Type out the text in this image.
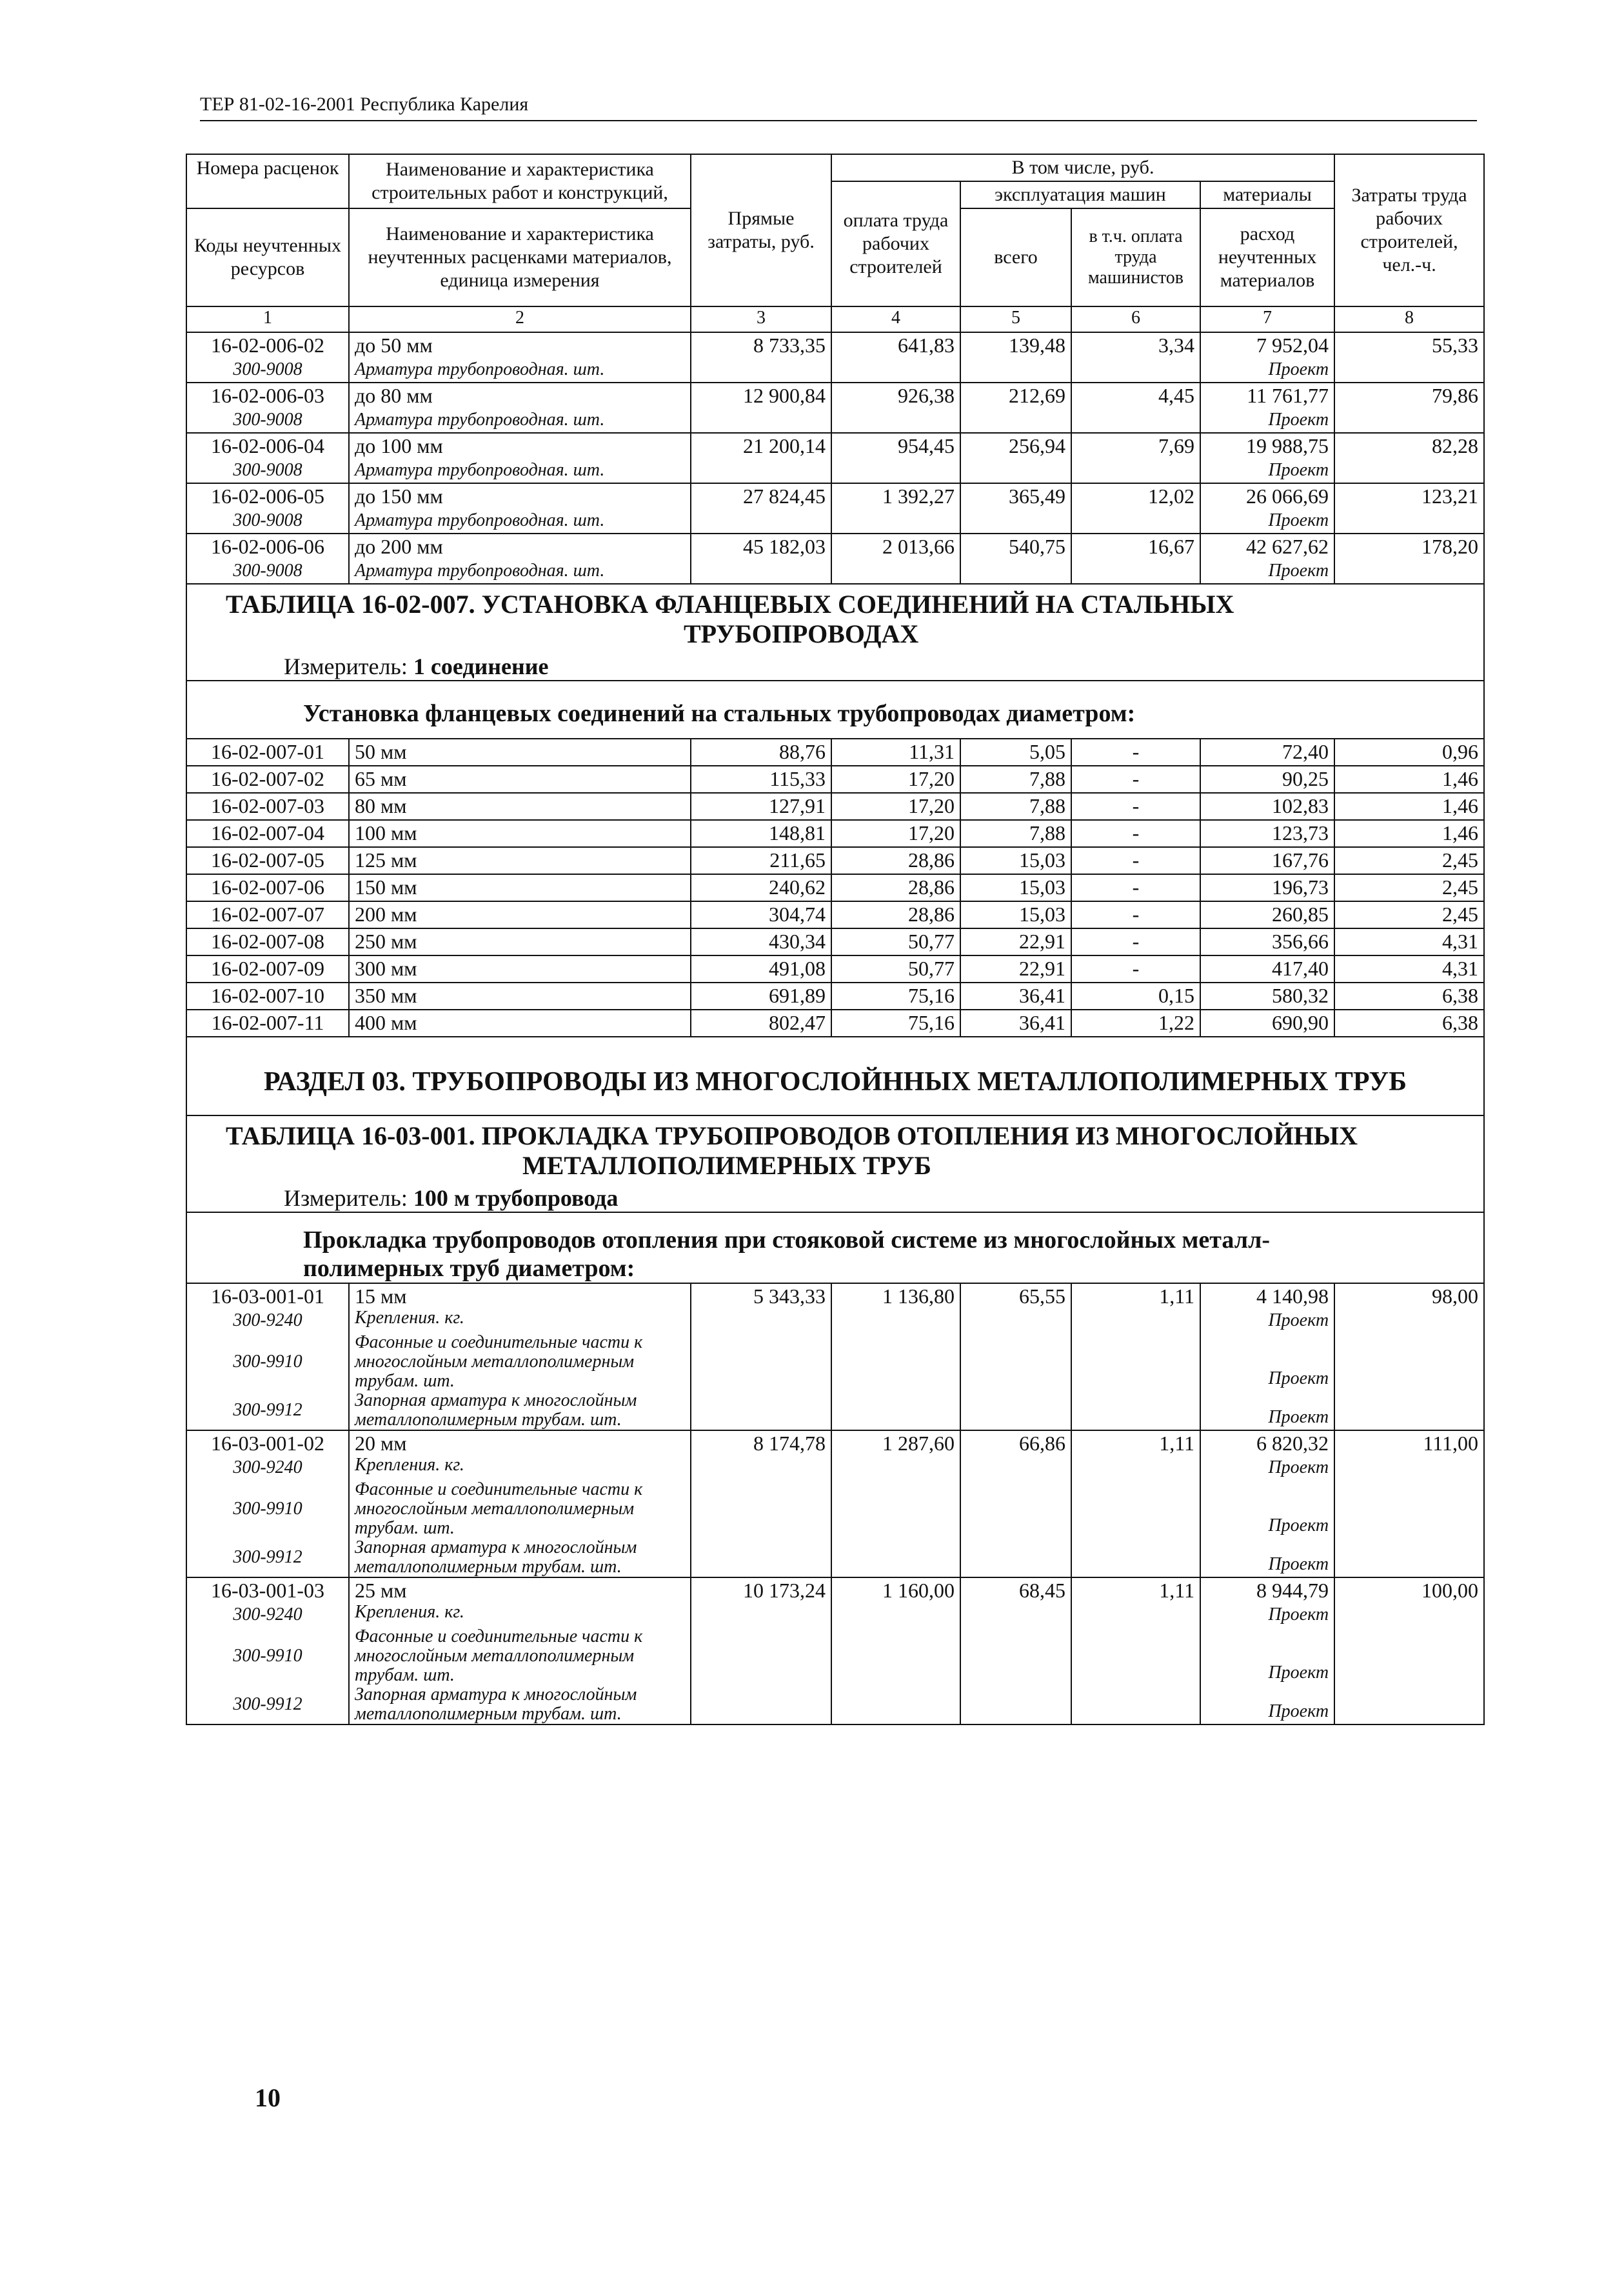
ТЕР 81-02-16-2001 Республика Карелия
Номера расценок	Наименование и характеристика строительных работ и конструкций,	Прямые затраты, руб.	В том числе, руб.				Затраты труда рабочих строителей, чел.-ч.
			оплата труда рабочих строителей	эксплуатация машин		материалы	
Коды неучтенных ресурсов	Наименование и характеристика неучтенных расценками материалов, единица измерения			всего	в т.ч. оплата труда машинистов	расход неучтенных материалов	
1	2	3	4	5	6	7	8
16-02-006-02	до 50 мм	8 733,35	641,83	139,48	3,34	7 952,04	55,33
300-9008	Арматура трубопроводная. шт.					Проект	
16-02-006-03	до 80 мм	12 900,84	926,38	212,69	4,45	11 761,77	79,86
300-9008	Арматура трубопроводная. шт.					Проект	
16-02-006-04	до 100 мм	21 200,14	954,45	256,94	7,69	19 988,75	82,28
300-9008	Арматура трубопроводная. шт.					Проект	
16-02-006-05	до 150 мм	27 824,45	1 392,27	365,49	12,02	26 066,69	123,21
300-9008	Арматура трубопроводная. шт.					Проект	
16-02-006-06	до 200 мм	45 182,03	2 013,66	540,75	16,67	42 627,62	178,20
300-9008	Арматура трубопроводная. шт.					Проект	
ТАБЛИЦА 16-02-007. УСТАНОВКА ФЛАНЦЕВЫХ СОЕДИНЕНИЙ НА СТАЛЬНЫХ
ТРУБОПРОВОДАХ							

Измеритель: 1 соединение							
Установка фланцевых соединений на стальных трубопроводах диаметром:							
16-02-007-01	50 мм	88,76	11,31	5,05	-	72,40	0,96
16-02-007-02	65 мм	115,33	17,20	7,88	-	90,25	1,46
16-02-007-03	80 мм	127,91	17,20	7,88	-	102,83	1,46
16-02-007-04	100 мм	148,81	17,20	7,88	-	123,73	1,46
16-02-007-05	125 мм	211,65	28,86	15,03	-	167,76	2,45
16-02-007-06	150 мм	240,62	28,86	15,03	-	196,73	2,45
16-02-007-07	200 мм	304,74	28,86	15,03	-	260,85	2,45
16-02-007-08	250 мм	430,34	50,77	22,91	-	356,66	4,31
16-02-007-09	300 мм	491,08	50,77	22,91	-	417,40	4,31
16-02-007-10	350 мм	691,89	75,16	36,41	0,15	580,32	6,38
16-02-007-11	400 мм	802,47	75,16	36,41	1,22	690,90	6,38
РАЗДЕЛ 03. ТРУБОПРОВОДЫ ИЗ МНОГОСЛОЙННЫХ МЕТАЛЛОПОЛИМЕРНЫХ ТРУБ							
ТАБЛИЦА 16-03-001. ПРОКЛАДКА ТРУБОПРОВОДОВ ОТОПЛЕНИЯ ИЗ МНОГОСЛОЙНЫХ
МЕТАЛЛОПОЛИМЕРНЫХ ТРУБ							

Измеритель: 100 м трубопровода							

Прокладка трубопроводов отопления при стояковой системе из многослойных металл-
полимерных труб диаметром:							

16-03-001-01	15 мм	5 343,33	1 136,80	65,55	1,11	4 140,98	98,00
300-9240	Крепления. кг.					Проект	
300-9910	Фасонные и соединительные части к многослойным металлополимерным трубам. шт.					Проект	
300-9912	Запорная арматура к многослойным металлополимерным трубам. шт.					Проект	
16-03-001-02	20 мм	8 174,78	1 287,60	66,86	1,11	6 820,32	111,00
300-9240	Крепления. кг.					Проект	
300-9910	Фасонные и соединительные части к многослойным металлополимерным трубам. шт.					Проект	
300-9912	Запорная арматура к многослойным металлополимерным трубам. шт.					Проект	
16-03-001-03	25 мм	10 173,24	1 160,00	68,45	1,11	8 944,79	100,00
300-9240	Крепления. кг.					Проект	
300-9910	Фасонные и соединительные части к многослойным металлополимерным трубам. шт.					Проект	
300-9912	Запорная арматура к многослойным металлополимерным трубам. шт.					Проект	
10
